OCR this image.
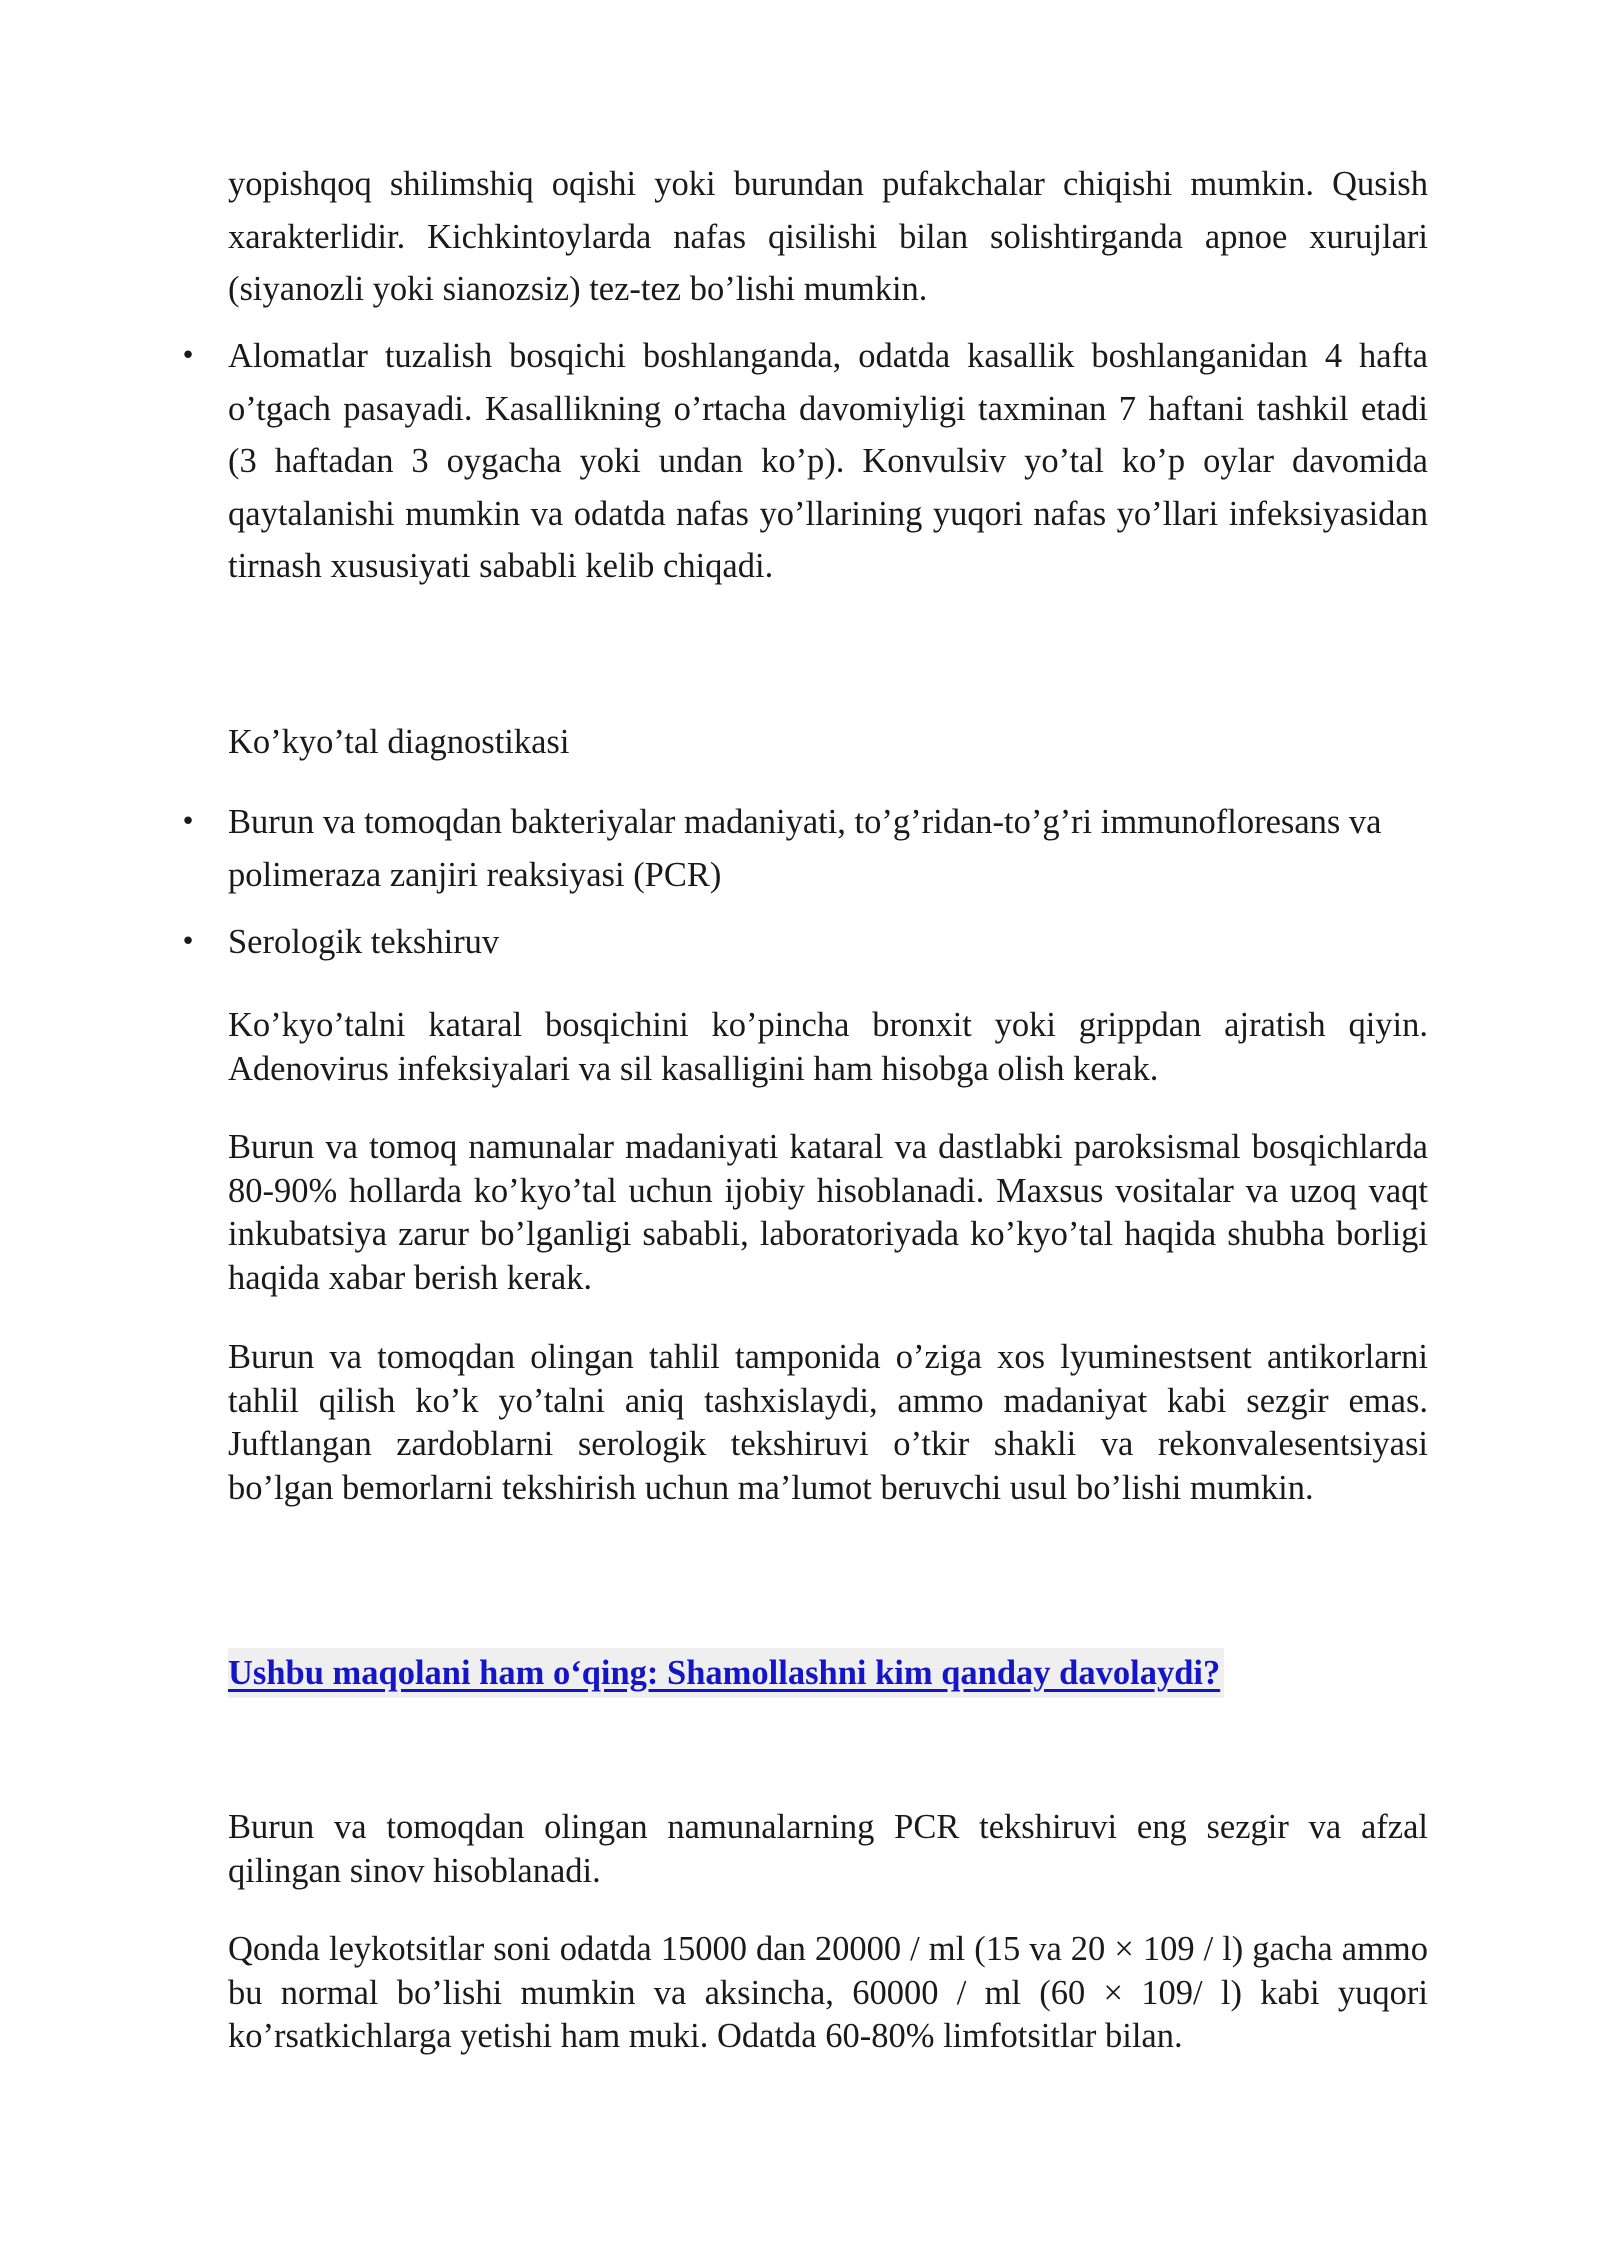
yopishqoq shilimshiq oqishi yoki burundan pufakchalar chiqishi mumkin. Qusish xarakterlidir. Kichkintoylarda nafas qisilishi bilan solishtirganda apnoe xurujlari (siyanozli yoki sianozsiz) tez-tez bo’lishi mumkin.
• Alomatlar tuzalish bosqichi boshlanganda, odatda kasallik boshlanganidan 4 hafta o’tgach pasayadi. Kasallikning o’rtacha davomiyligi taxminan 7 haftani tashkil etadi (3 haftadan 3 oygacha yoki undan ko’p). Konvulsiv yo’tal ko’p oylar davomida qaytalanishi mumkin va odatda nafas yo’llarining yuqori nafas yo’llari infeksiyasidan tirnash xususiyati sababli kelib chiqadi.
Ko’kyo’tal diagnostikasi
• Burun va tomoqdan bakteriyalar madaniyati, to’g’ridan-to’g’ri immunofloresans va polimeraza zanjiri reaksiyasi (PCR)
• Serologik tekshiruv
Ko’kyo’talni kataral bosqichini ko’pincha bronxit yoki grippdan ajratish qiyin. Adenovirus infeksiyalari va sil kasalligini ham hisobga olish kerak.
Burun va tomoq namunalar madaniyati kataral va dastlabki paroksismal bosqichlarda 80-90% hollarda ko’kyo’tal uchun ijobiy hisoblanadi. Maxsus vositalar va uzoq vaqt inkubatsiya zarur bo’lganligi sababli, laboratoriyada ko’kyo’tal haqida shubha borligi haqida xabar berish kerak.
Burun va tomoqdan olingan tahlil tamponida o’ziga xos lyuminestsent antikorlarni tahlil qilish ko’k yo’talni aniq tashxislaydi, ammo madaniyat kabi sezgir emas. Juftlangan zardoblarni serologik tekshiruvi o’tkir shakli va rekonvalesentsiyasi bo’lgan bemorlarni tekshirish uchun ma’lumot beruvchi usul bo’lishi mumkin.
Ushbu maqolani ham o‘qing: Shamollashni kim qanday davolaydi?
Burun va tomoqdan olingan namunalarning PCR tekshiruvi eng sezgir va afzal qilingan sinov hisoblanadi.
Qonda leykotsitlar soni odatda 15000 dan 20000 / ml (15 va 20 × 109 / l) gacha ammo bu normal bo’lishi mumkin va aksincha, 60000 / ml (60 × 109/ l) kabi yuqori ko’rsatkichlarga yetishi ham muki. Odatda 60-80% limfotsitlar bilan.
